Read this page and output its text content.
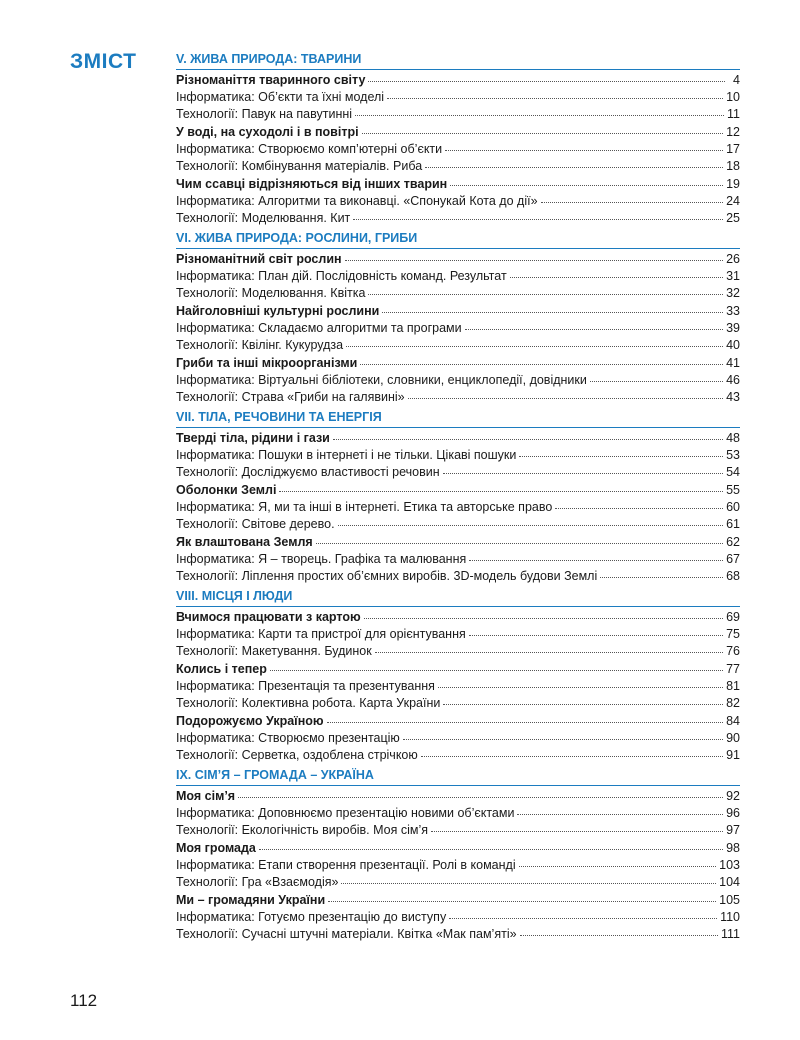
ЗМІСТ	V. ЖИВА ПРИРОДА: ТВАРИНИ
Різноманіття тваринного світу	4
Інформатика: Об’єкти та їхні моделі	10
Технології: Павук на павутинні	11
У воді, на суходолі і в повітрі	12
Інформатика: Створюємо комп’ютерні об’єкти	17
Технології: Комбінування матеріалів. Риба	18
Чим ссавці відрізняються від інших тварин	19
Інформатика: Алгоритми та виконавці. «Спонукай Кота до дії»	24
Технології: Моделювання. Кит	25
VI. ЖИВА ПРИРОДА: РОСЛИНИ, ГРИБИ
Різноманітний світ рослин	26
Інформатика: План дій. Послідовність команд. Результат	31
Технології: Моделювання. Квітка	32
Найголовніші культурні рослини	33
Інформатика: Складаємо алгоритми та програми	39
Технології: Квілінг. Кукурудза	40
Гриби та інші мікроорганізми	41
Інформатика: Віртуальні бібліотеки, словники, енциклопедії, довідники	46
Технології: Страва «Гриби на галявині»	43
VII. ТІЛА, РЕЧОВИНИ ТА ЕНЕРГІЯ
Тверді тіла, рідини і гази	48
Інформатика: Пошуки в інтернеті і не тільки. Цікаві пошуки	53
Технології: Досліджуємо властивості речовин	54
Оболонки Землі	55
Інформатика: Я, ми та інші в інтернеті. Етика та авторське право	60
Технології: Світове дерево.	61
Як влаштована Земля	62
Інформатика: Я – творець. Графіка та малювання	67
Технології: Ліплення простих об’ємних виробів. 3D-модель будови Землі	68
VIII. МІСЦЯ І ЛЮДИ
Вчимося працювати з картою	69
Інформатика: Карти та пристрої для орієнтування	75
Технології: Макетування. Будинок	76
Колись і тепер	77
Інформатика: Презентація та презентування	81
Технології: Колективна робота. Карта України	82
Подорожуємо Україною	84
Інформатика: Створюємо презентацію	90
Технології: Серветка, оздоблена стрічкою	91
IX. СІМ’Я – ГРОМАДА – УКРАЇНА
Моя сім’я	92
Інформатика: Доповнюємо презентацію новими об’єктами	96
Технології: Екологічність виробів. Моя сім’я	97
Моя громада	98
Інформатика: Етапи створення презентації. Ролі в команді	103
Технології: Гра «Взаємодія»	104
Ми – громадяни України	105
Інформатика: Готуємо презентацію до виступу	110
Технології: Сучасні штучні матеріали. Квітка «Мак пам’яті»	111
112
